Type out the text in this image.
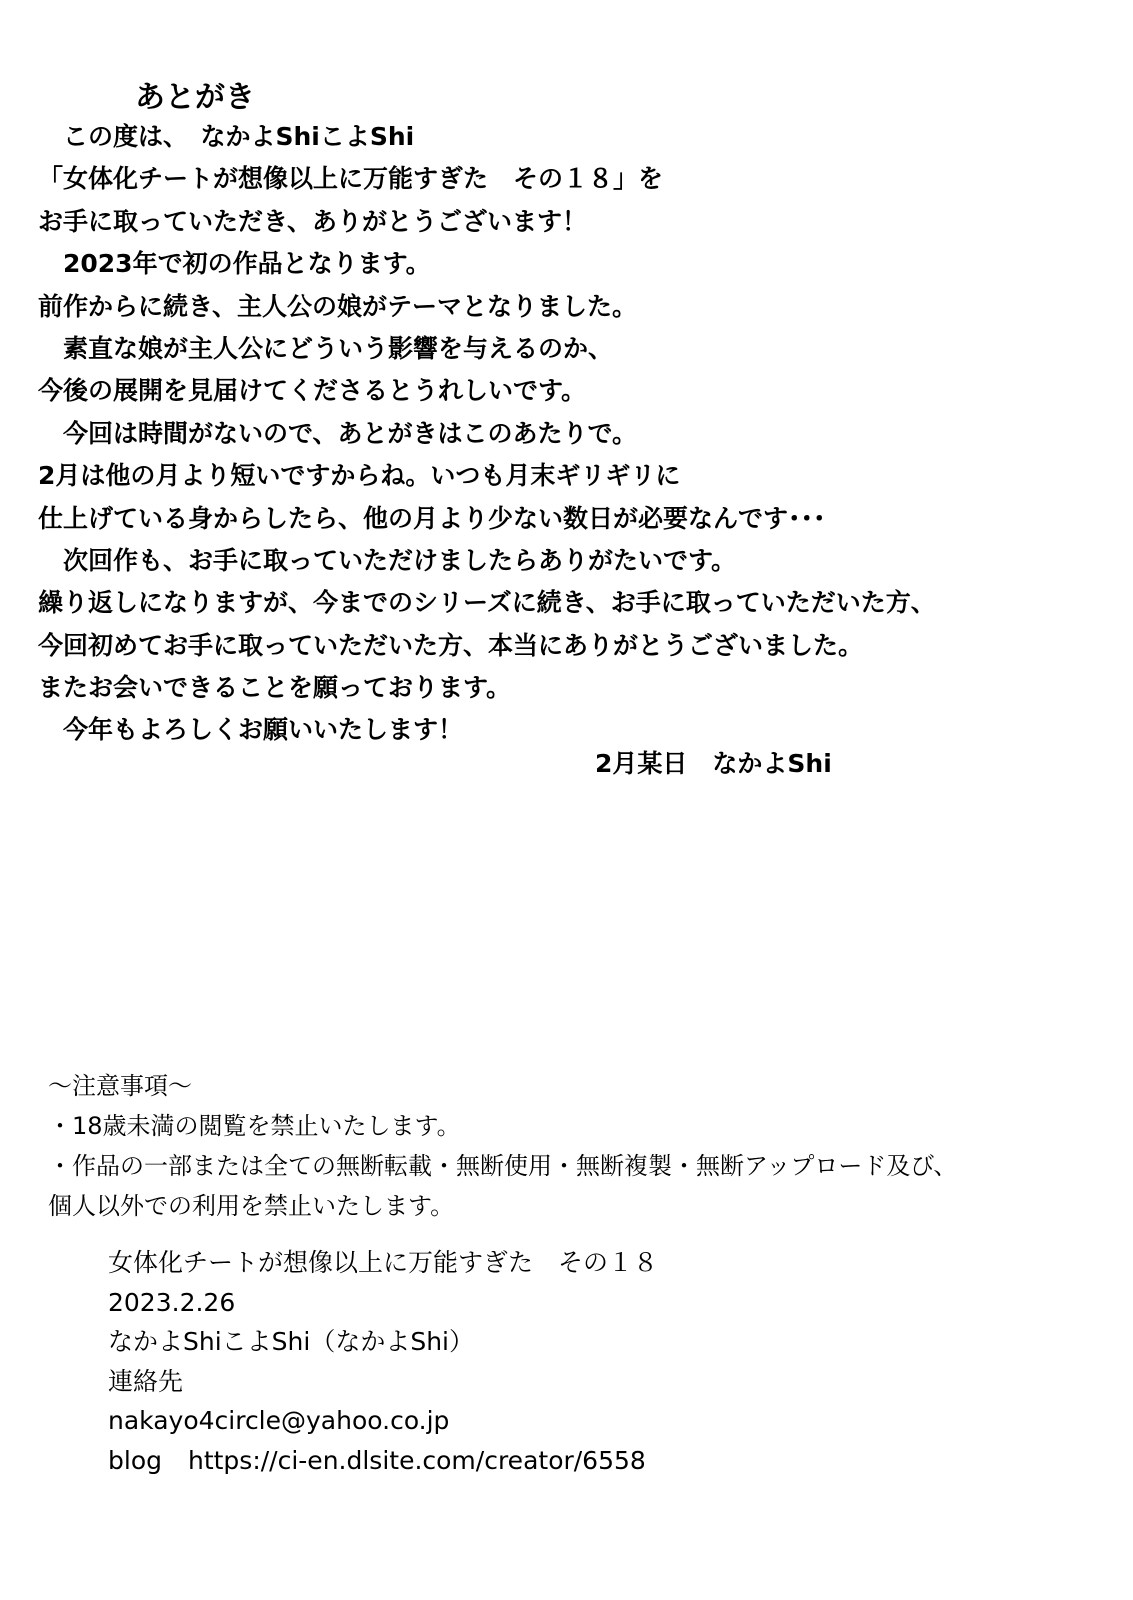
あとがき
　この度は、　なかよShiこよShi
「女体化チートが想像以上に万能すぎた　その１８」を
お手に取っていただき、ありがとうございます！
　2023年で初の作品となります。
前作からに続き、主人公の娘がテーマとなりました。
　素直な娘が主人公にどういう影響を与えるのか、
今後の展開を見届けてくださるとうれしいです。
　今回は時間がないので、あとがきはこのあたりで。
2月は他の月より短いですからね。いつも月末ギリギリに
仕上げている身からしたら、他の月より少ない数日が必要なんです･･･
　次回作も、お手に取っていただけましたらありがたいです。
繰り返しになりますが、今までのシリーズに続き、お手に取っていただいた方、
今回初めてお手に取っていただいた方、本当にありがとうございました。
またお会いできることを願っております。
　今年もよろしくお願いいたします！
2月某日　なかよShi
～注意事項～
・18歳未満の閲覧を禁止いたします。
・作品の一部または全ての無断転載・無断使用・無断複製・無断アップロード及び、
個人以外での利用を禁止いたします。
女体化チートが想像以上に万能すぎた　その１８
2023.2.26
なかよShiこよShi（なかよShi）
連絡先
nakayo4circle@yahoo.co.jp
blog https://ci-en.dlsite.com/creator/6558
